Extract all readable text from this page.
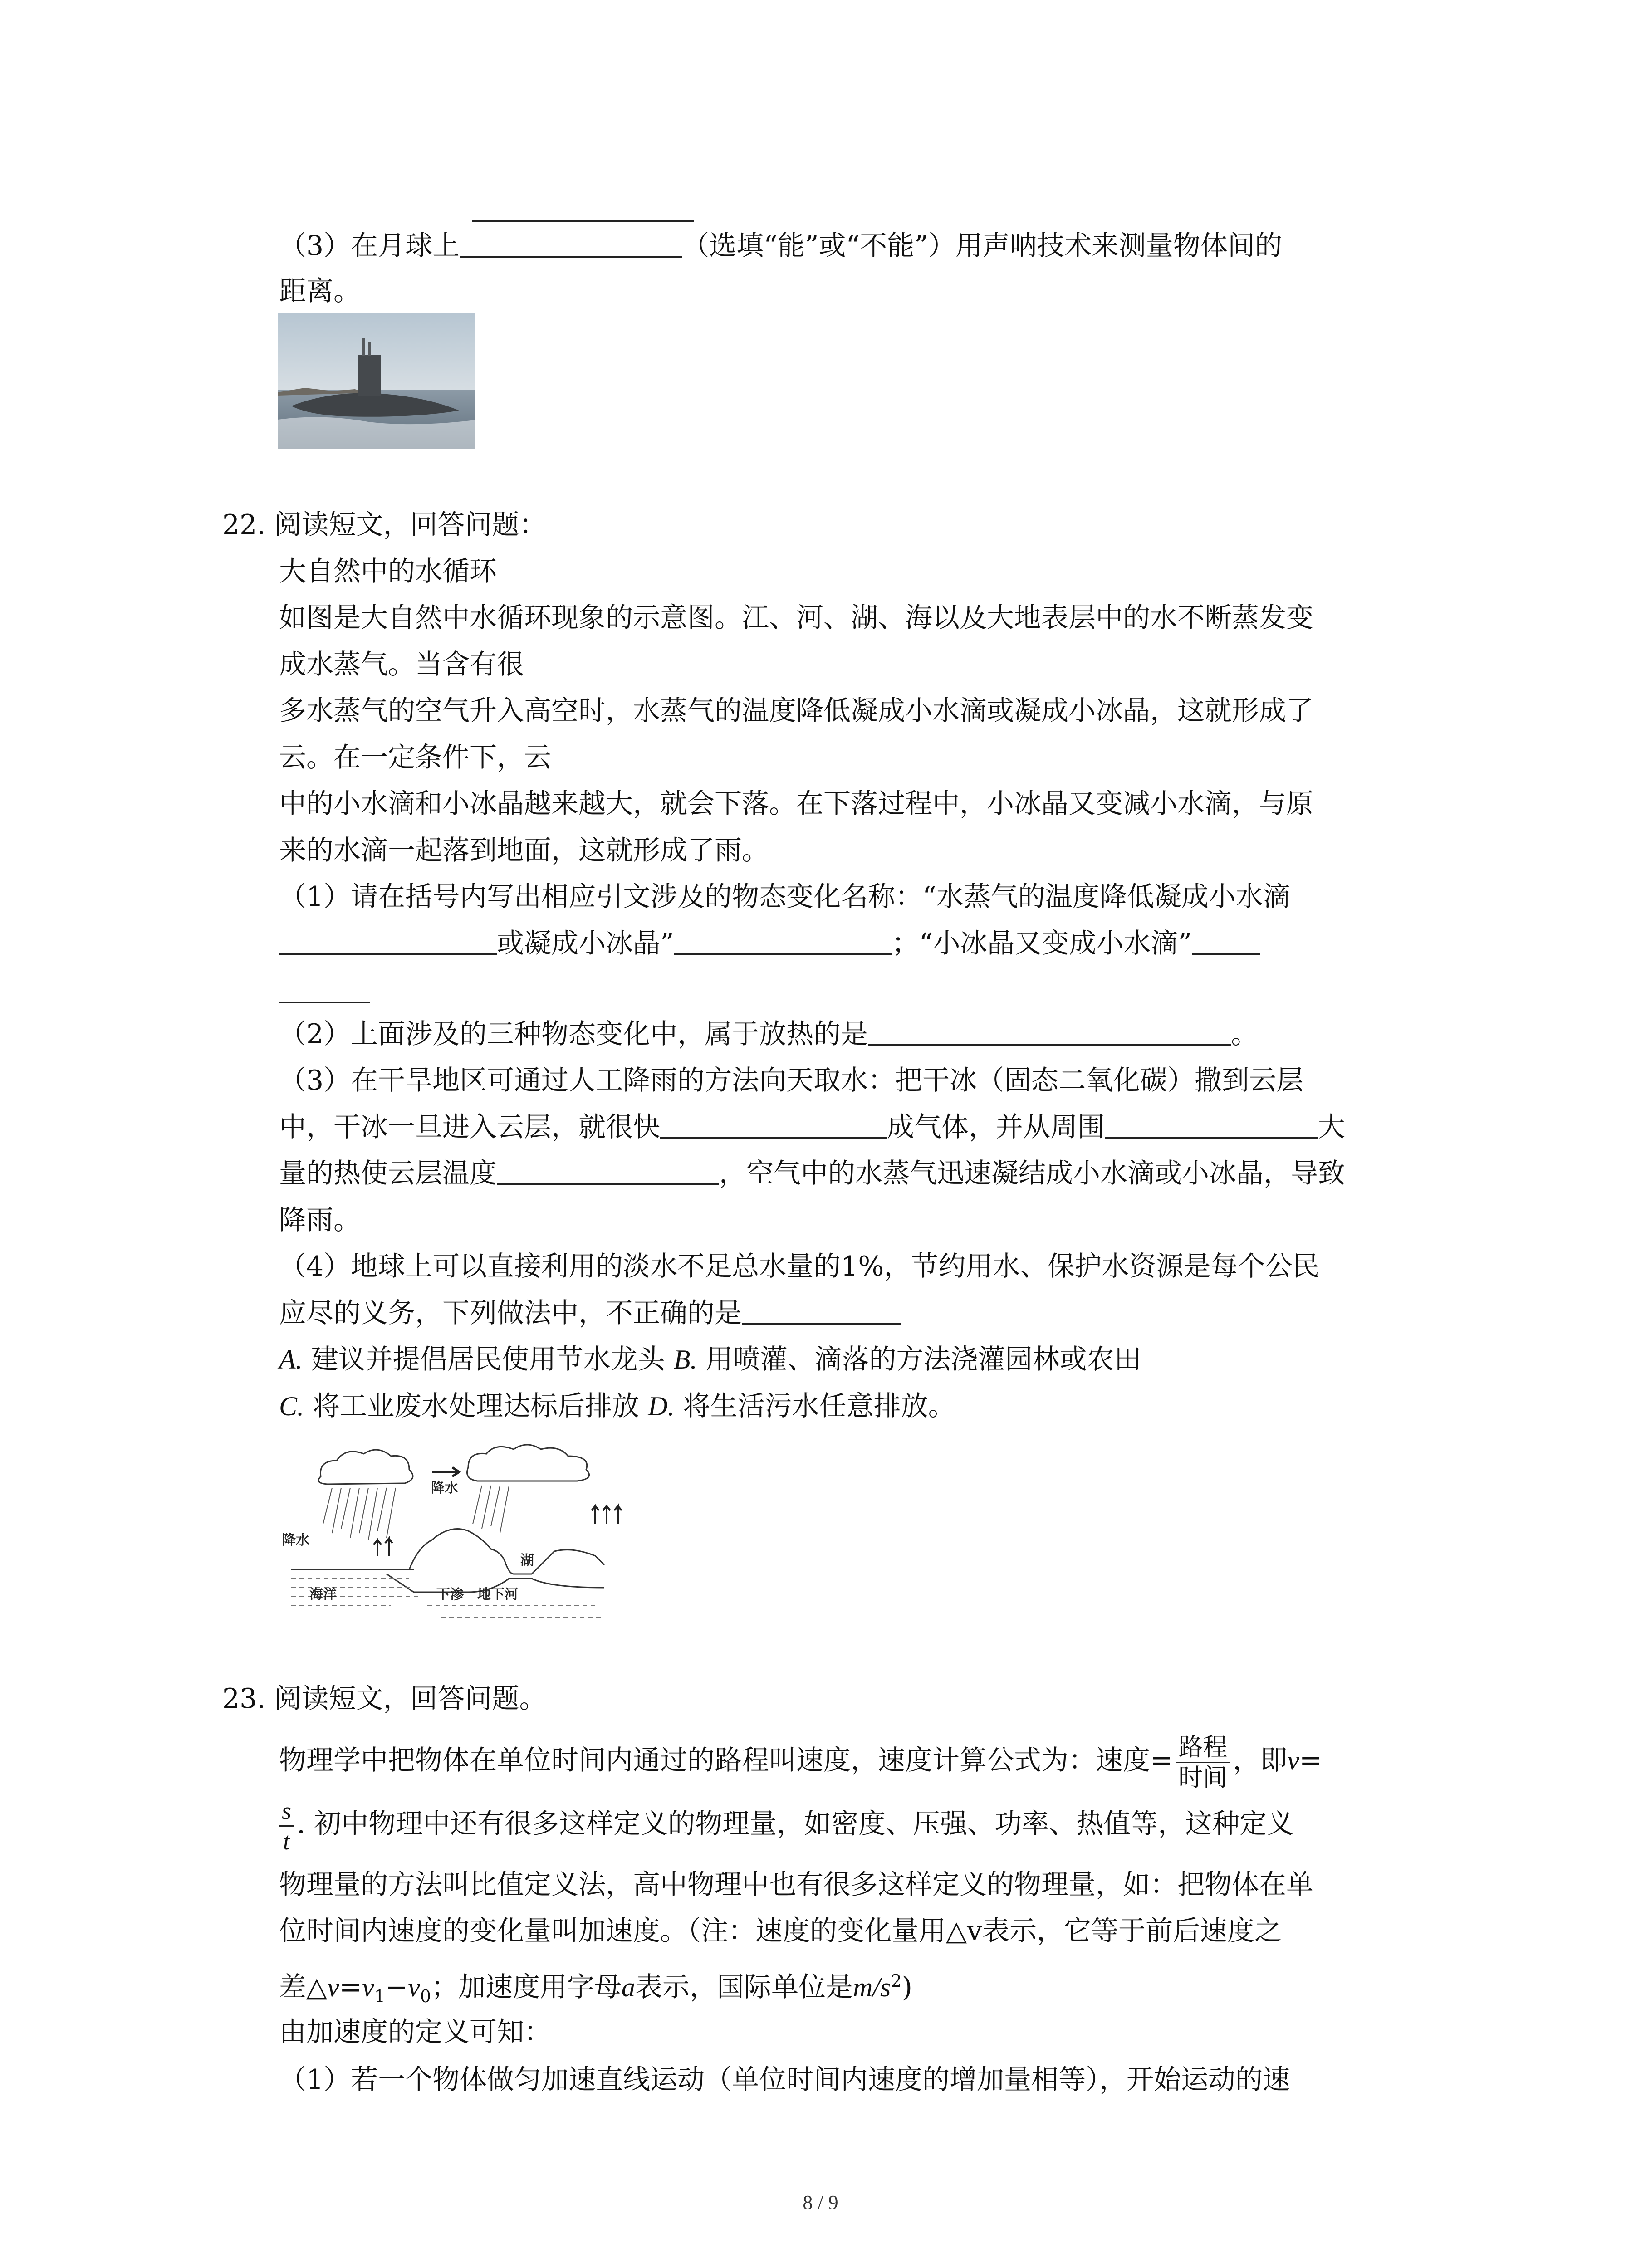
（3）在月球上	（选填“能”或“不能”）用声呐技术来测量物体间的

距离。

22. 阅读短文，回答问题：

大自然中的水循环

如图是大自然中水循环现象的示意图。江、河、湖、海以及大地表层中的水不断蒸发变

成水蒸气。当含有很

多水蒸气的空气升入高空时，水蒸气的温度降低凝成小水滴或凝成小冰晶，这就形成了

云。在一定条件下，云

中的小水滴和小冰晶越来越大，就会下落。在下落过程中，小冰晶又变减小水滴，与原

来的水滴一起落到地面，这就形成了雨。

（1）请在括号内写出相应引文涉及的物态变化名称：“水蒸气的温度降低凝成小水滴

或凝成小冰晶”	；“小冰晶又变成小水滴”

（2）上面涉及的三种物态变化中，属于放热的是	。

（3）在干旱地区可通过人工降雨的方法向天取水：把干冰（固态二氧化碳）撒到云层

中，干冰一旦进入云层，就很快	成气体，并从周围	大

量的热使云层温度	，空气中的水蒸气迅速凝结成小水滴或小冰晶，导致

降雨。

（4）地球上可以直接利用的淡水不足总水量的1%，节约用水、保护水资源是每个公民

应尽的义务，下列做法中，不正确的是

A. 建议并提倡居民使用节水龙头 B. 用喷灌、滴落的方法浇灌园林或农田

C. 将工业废水处理达标后排放 D. 将生活污水任意排放。

降水
降水
海洋
湖
下渗 地下河

23. 阅读短文，回答问题。

物理学中把物体在单位时间内通过的路程叫速度，速度计算公式为：速度= $\frac{\text{路程}}{\text{时间}}$ ，即v=

$\frac{s}{t}$ . 初中物理中还有很多这样定义的物理量，如密度、压强、功率、热值等，这种定义

物理量的方法叫比值定义法，高中物理中也有很多这样定义的物理量，如：把物体在单

位时间内速度的变化量叫加速度。（注：速度的变化量用△v表示，它等于前后速度之

差$\triangle v=v_1-v_0$；加速度用字母a表示，国际单位是$m/s^2$)

由加速度的定义可知：

（1）若一个物体做匀加速直线运动（单位时间内速度的增加量相等），开始运动的速

8 / 9
